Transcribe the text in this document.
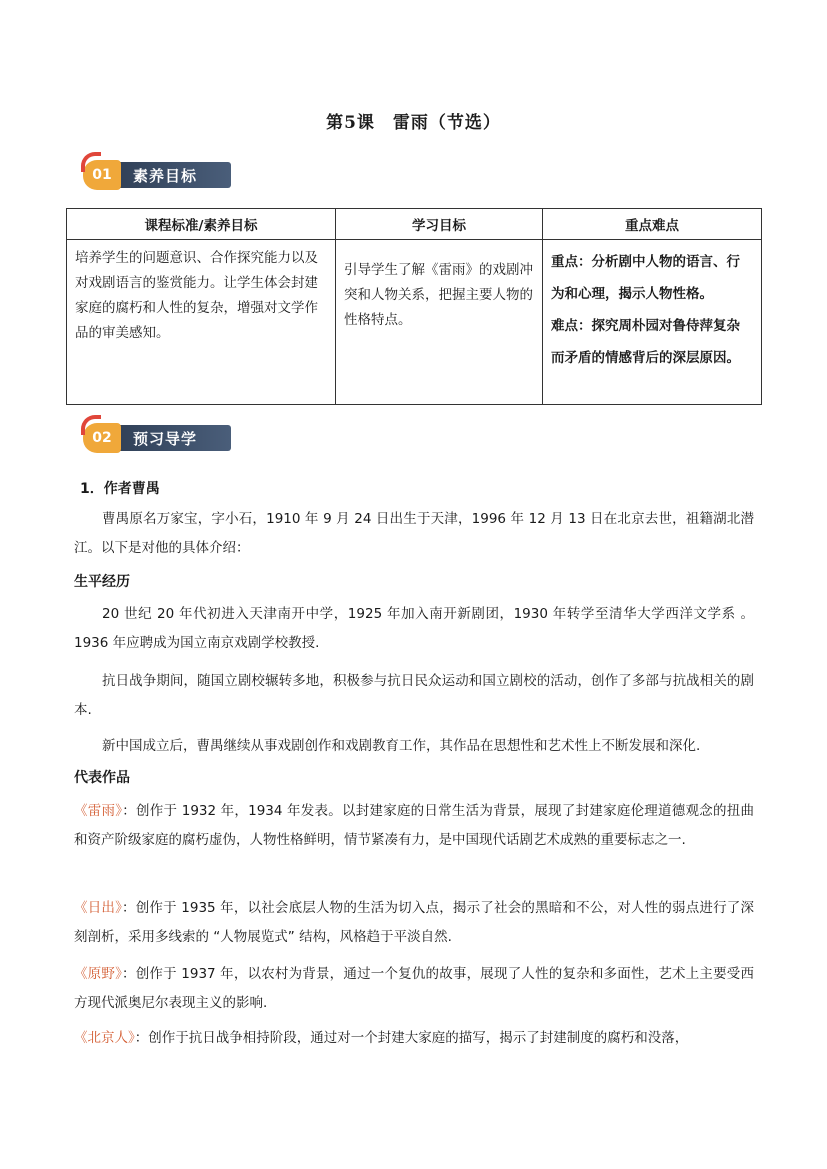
第5课 雷雨（节选）
素养目标
01
课程标准/素养目标	学习目标	重点难点
培养学生的问题意识、合作探究能力以及对戏剧语言的鉴赏能力。让学生体会封建家庭的腐朽和人性的复杂，增强对文学作品的审美感知。	引导学生了解《雷雨》的戏剧冲突和人物关系，把握主要人物的性格特点。	重点：分析剧中人物的语言、行为和心理，揭示人物性格。
难点：探究周朴园对鲁侍萍复杂而矛盾的情感背后的深层原因。
预习导学
02
1．作者曹禺
曹禺原名万家宝，字小石，1910 年 9 月 24 日出生于天津，1996 年 12 月 13 日在北京去世，祖籍湖北潜江。以下是对他的具体介绍：
生平经历
20 世纪 20 年代初进入天津南开中学，1925 年加入南开新剧团，1930 年转学至清华大学西洋文学系 。1936 年应聘成为国立南京戏剧学校教授.
抗日战争期间，随国立剧校辗转多地，积极参与抗日民众运动和国立剧校的活动，创作了多部与抗战相关的剧本.
新中国成立后，曹禺继续从事戏剧创作和戏剧教育工作，其作品在思想性和艺术性上不断发展和深化.
代表作品
《雷雨》：创作于 1932 年，1934 年发表。以封建家庭的日常生活为背景，展现了封建家庭伦理道德观念的扭曲和资产阶级家庭的腐朽虚伪，人物性格鲜明，情节紧凑有力，是中国现代话剧艺术成熟的重要标志之一.
《日出》：创作于 1935 年，以社会底层人物的生活为切入点，揭示了社会的黑暗和不公，对人性的弱点进行了深刻剖析，采用多线索的 “人物展览式” 结构，风格趋于平淡自然.
《原野》：创作于 1937 年，以农村为背景，通过一个复仇的故事，展现了人性的复杂和多面性，艺术上主要受西方现代派奥尼尔表现主义的影响.
《北京人》：创作于抗日战争相持阶段，通过对一个封建大家庭的描写，揭示了封建制度的腐朽和没落，
